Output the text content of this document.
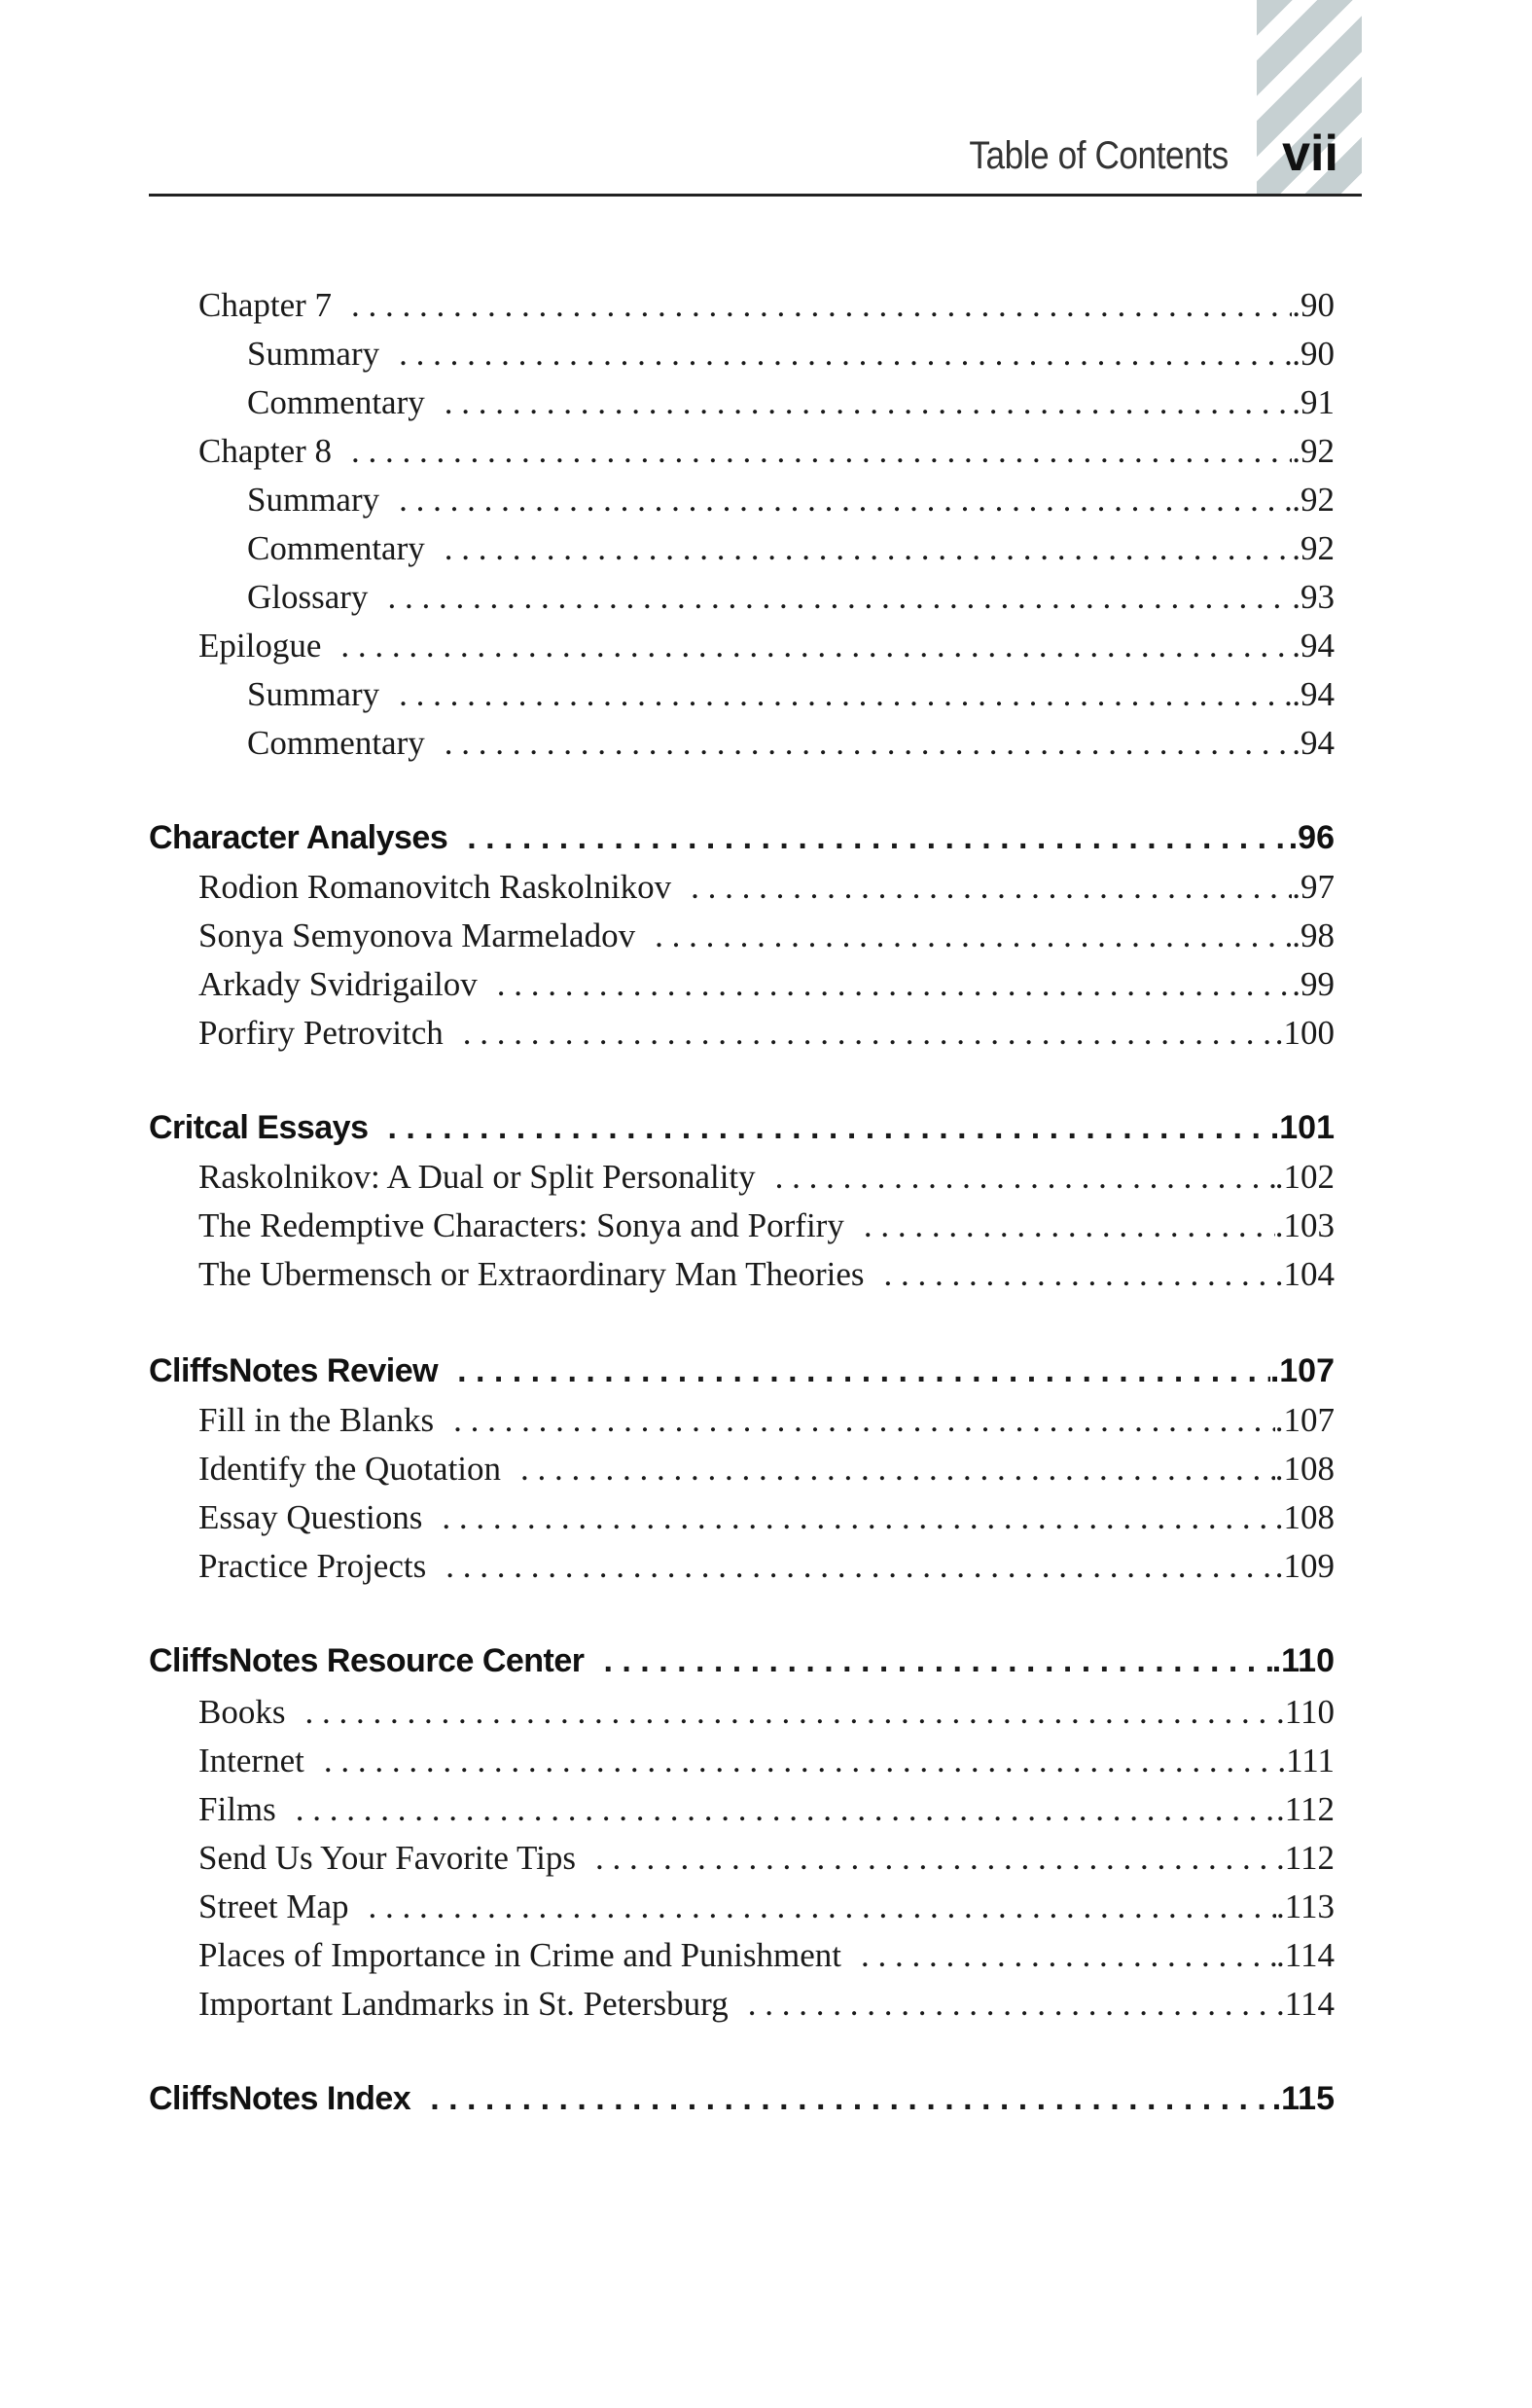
Table of Contents vii
Chapter 7 . . .	.90
Summary . . .	.90
Commentary . . .	.91
Chapter 8 . . .	.92
Summary . . .	.92
Commentary . . .	.92
Glossary . . .	.93
Epilogue . . .	.94
Summary . . .	.94
Commentary . . .	.94
Character Analyses . . .	.96
Rodion Romanovitch Raskolnikov . . .	.97
Sonya Semyonova Marmeladov . . .	.98
Arkady Svidrigailov . . .	.99
Porfiry Petrovitch . . .	.100
Critcal Essays . . .	.101
Raskolnikov: A Dual or Split Personality . . .	.102
The Redemptive Characters: Sonya and Porfiry . . .	.103
The Ubermensch or Extraordinary Man Theories . . .	.104
CliffsNotes Review . . .	.107
Fill in the Blanks . . .	.107
Identify the Quotation . . .	.108
Essay Questions . . .	.108
Practice Projects . . .	.109
CliffsNotes Resource Center . . .	.110
Books . . .	.110
Internet . . .	.111
Films . . .	.112
Send Us Your Favorite Tips . . .	.112
Street Map . . .	.113
Places of Importance in Crime and Punishment . . .	.114
Important Landmarks in St. Petersburg . . .	.114
CliffsNotes Index . . .	.115
